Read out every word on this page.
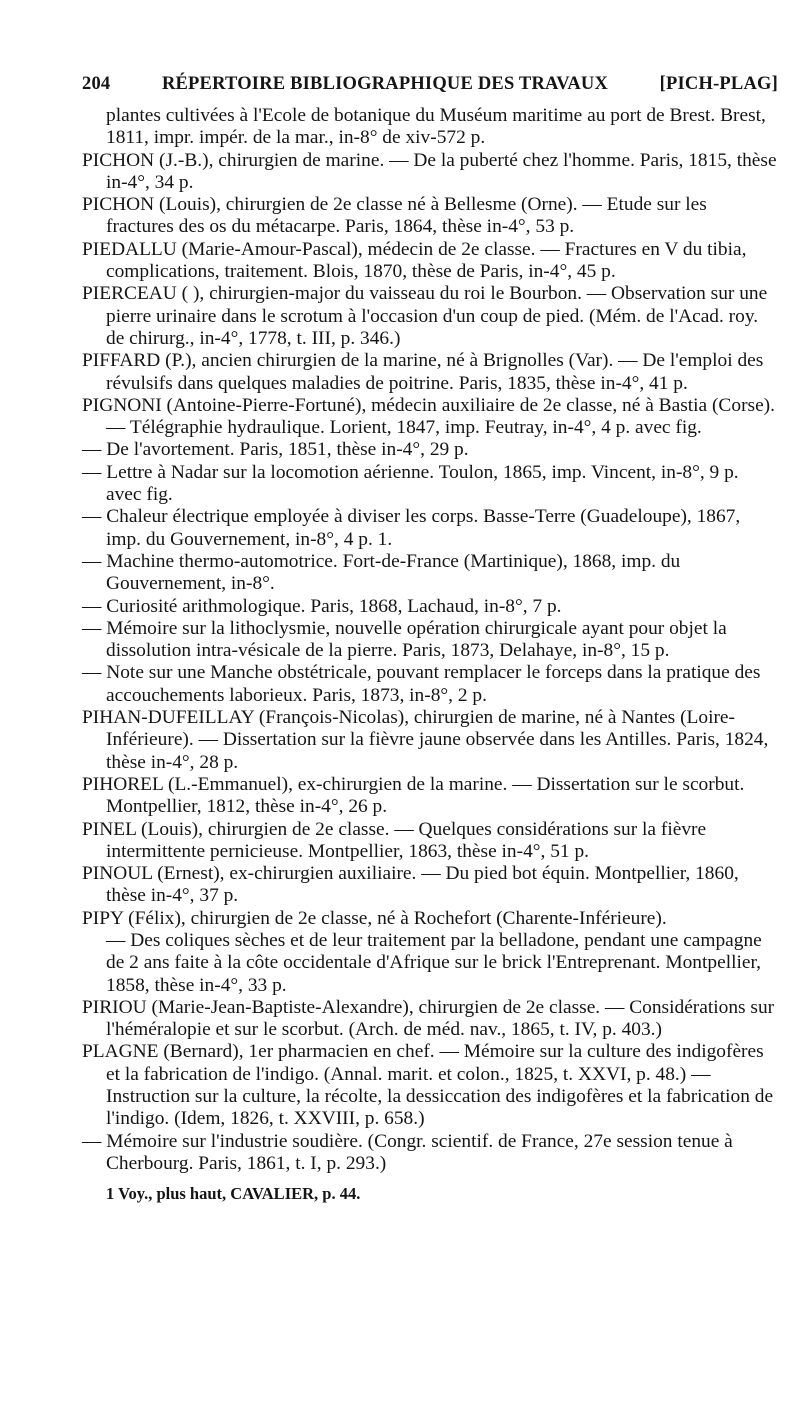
204	RÉPERTOIRE BIBLIOGRAPHIQUE DES TRAVAUX	[PICH-PLAG]

plantes cultivées à l'Ecole de botanique du Muséum maritime au port de Brest. Brest, 1811, impr. impér. de la mar., in-8° de xiv-572 p.

PICHON (J.-B.), chirurgien de marine. — De la puberté chez l'homme. Paris, 1815, thèse in-4°, 34 p.

PICHON (Louis), chirurgien de 2e classe né à Bellesme (Orne). — Etude sur les fractures des os du métacarpe. Paris, 1864, thèse in-4°, 53 p.

PIEDALLU (Marie-Amour-Pascal), médecin de 2e classe. — Fractures en V du tibia, complications, traitement. Blois, 1870, thèse de Paris, in-4°, 45 p.

PIERCEAU ( ), chirurgien-major du vaisseau du roi le Bourbon. — Observation sur une pierre urinaire dans le scrotum à l'occasion d'un coup de pied. (Mém. de l'Acad. roy. de chirurg., in-4°, 1778, t. III, p. 346.)

PIFFARD (P.), ancien chirurgien de la marine, né à Brignolles (Var). — De l'emploi des révulsifs dans quelques maladies de poitrine. Paris, 1835, thèse in-4°, 41 p.

PIGNONI (Antoine-Pierre-Fortuné), médecin auxiliaire de 2e classe, né à Bastia (Corse). — Télégraphie hydraulique. Lorient, 1847, imp. Feutray, in-4°, 4 p. avec fig.

— De l'avortement. Paris, 1851, thèse in-4°, 29 p.

— Lettre à Nadar sur la locomotion aérienne. Toulon, 1865, imp. Vincent, in-8°, 9 p. avec fig.

— Chaleur électrique employée à diviser les corps. Basse-Terre (Guadeloupe), 1867, imp. du Gouvernement, in-8°, 4 p. 1.

— Machine thermo-automotrice. Fort-de-France (Martinique), 1868, imp. du Gouvernement, in-8°.

— Curiosité arithmologique. Paris, 1868, Lachaud, in-8°, 7 p.

— Mémoire sur la lithoclysmie, nouvelle opération chirurgicale ayant pour objet la dissolution intra-vésicale de la pierre. Paris, 1873, Delahaye, in-8°, 15 p.

— Note sur une Manche obstétricale, pouvant remplacer le forceps dans la pratique des accouchements laborieux. Paris, 1873, in-8°, 2 p.

PIHAN-DUFEILLAY (François-Nicolas), chirurgien de marine, né à Nantes (Loire-Inférieure). — Dissertation sur la fièvre jaune observée dans les Antilles. Paris, 1824, thèse in-4°, 28 p.

PIHOREL (L.-Emmanuel), ex-chirurgien de la marine. — Dissertation sur le scorbut. Montpellier, 1812, thèse in-4°, 26 p.

PINEL (Louis), chirurgien de 2e classe. — Quelques considérations sur la fièvre intermittente pernicieuse. Montpellier, 1863, thèse in-4°, 51 p.

PINOUL (Ernest), ex-chirurgien auxiliaire. — Du pied bot équin. Montpellier, 1860, thèse in-4°, 37 p.

PIPY (Félix), chirurgien de 2e classe, né à Rochefort (Charente-Inférieure).

— Des coliques sèches et de leur traitement par la belladone, pendant une campagne de 2 ans faite à la côte occidentale d'Afrique sur le brick l'Entreprenant. Montpellier, 1858, thèse in-4°, 33 p.

PIRIOU (Marie-Jean-Baptiste-Alexandre), chirurgien de 2e classe. — Considérations sur l'héméralopie et sur le scorbut. (Arch. de méd. nav., 1865, t. IV, p. 403.)

PLAGNE (Bernard), 1er pharmacien en chef. — Mémoire sur la culture des indigofères et la fabrication de l'indigo. (Annal. marit. et colon., 1825, t. XXVI, p. 48.) — Instruction sur la culture, la récolte, la dessiccation des indigofères et la fabrication de l'indigo. (Idem, 1826, t. XXVIII, p. 658.)

— Mémoire sur l'industrie soudière. (Congr. scientif. de France, 27e session tenue à Cherbourg. Paris, 1861, t. I, p. 293.)

1 Voy., plus haut, CAVALIER, p. 44.
